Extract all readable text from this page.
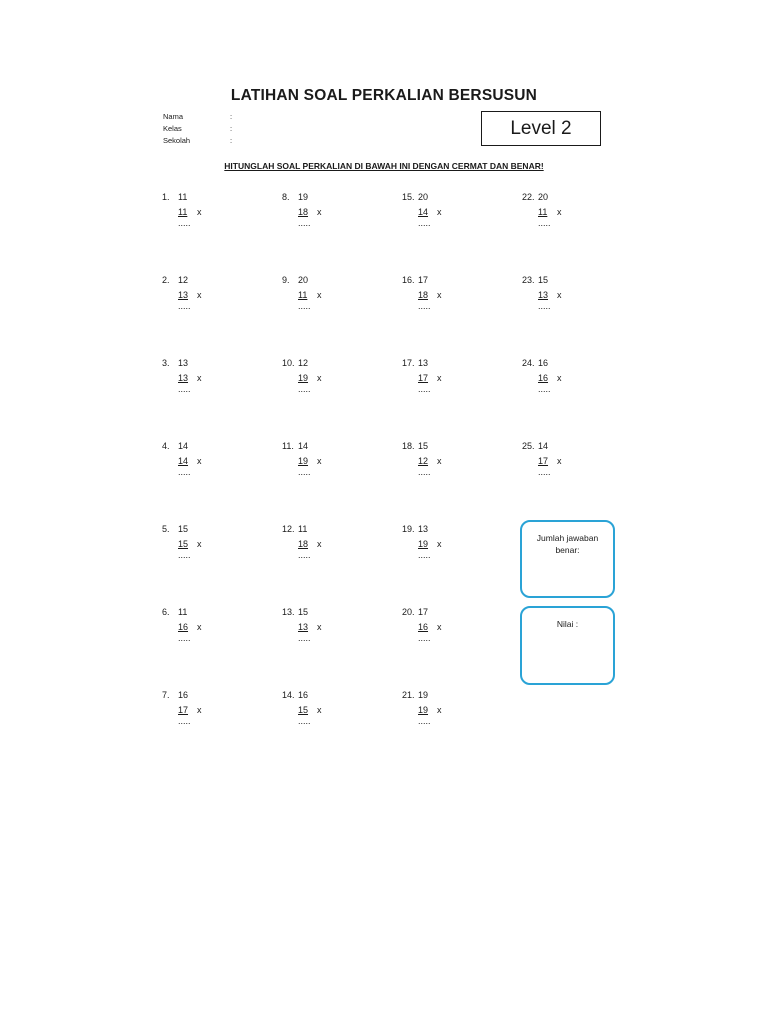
LATIHAN SOAL PERKALIAN BERSUSUN
Nama	:
Kelas	:
Sekolah	:
Level 2
HITUNGLAH SOAL PERKALIAN DI BAWAH INI DENGAN CERMAT DAN BENAR!
1. 11
11 x
.....
2. 12
13 x
.....
3. 13
13 x
.....
4. 14
14 x
.....
5. 15
15 x
.....
6. 11
16 x
.....
7. 16
17 x
.....
8. 19
18 x
.....
9. 20
11 x
.....
10. 12
19 x
.....
11. 14
19 x
.....
12. 11
18 x
.....
13. 15
13 x
.....
14. 16
15 x
.....
15. 20
14 x
.....
16. 17
18 x
.....
17. 13
17 x
.....
18. 15
12 x
.....
19. 13
19 x
.....
20. 17
16 x
.....
21. 19
19 x
.....
22. 20
11 x
.....
23. 15
13 x
.....
24. 16
16 x
.....
25. 14
17 x
.....
Jumlah jawaban benar:
Nilai :
